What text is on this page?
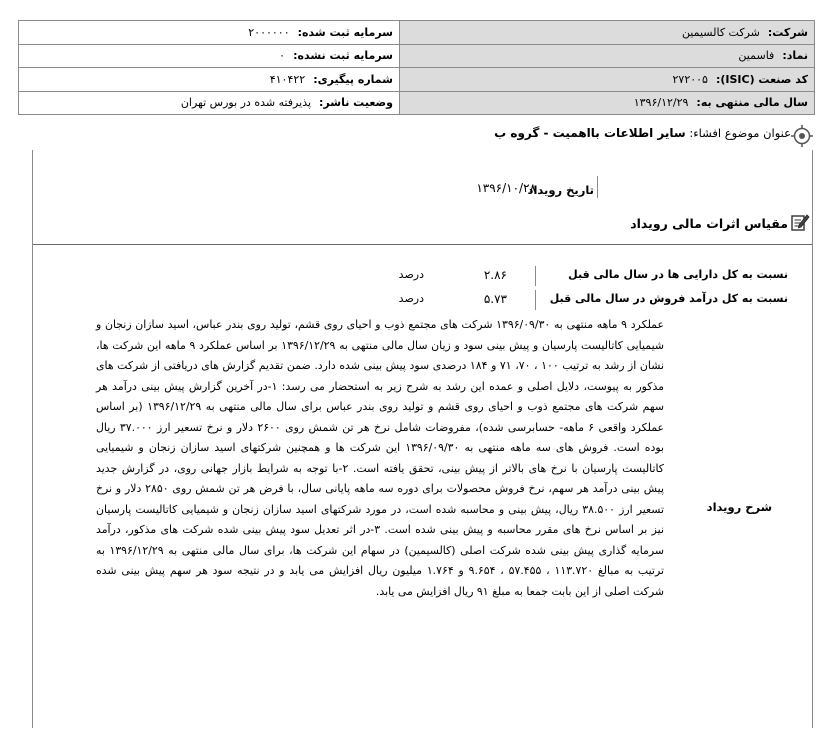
شرکت:شرکت کالسیمین	سرمایه ثبت شده:۲۰۰۰۰۰۰
نماد:فاسمین	سرمایه ثبت نشده:۰
کد صنعت (ISIC):۲۷۲۰۰۵	شماره پیگیری:۴۱۰۴۲۲
سال مالی منتهی به:۱۳۹۶/۱۲/۲۹	وضعیت ناشر:پذیرفته شده در بورس تهران
عنوان موضوع افشاء: سایر اطلاعات بااهمیت - گروه ب
تاریخ رویداد
۱۳۹۶/۱۰/۲۸
مقیاس اثرات مالی رویداد
نسبت به کل دارایی ها در سال مالی قبل
۲.۸۶
درصد
نسبت به کل درآمد فروش در سال مالی قبل
۵.۷۳
درصد
شرح رویداد
عملکرد ۹ ماهه منتهی به ۱۳۹۶/۰۹/۳۰ شرکت های مجتمع ذوب و احیای روی قشم، تولید روی بندر عباس، اسید سازان زنجان و شیمیایی کاتالیست پارسیان و پیش بینی سود و زیان سال مالی منتهی به ۱۳۹۶/۱۲/۲۹ بر اساس عملکرد ۹ ماهه این شرکت ها، نشان از رشد به ترتیب ۱۰۰ ، ۷۰، ۷۱ و ۱۸۴ درصدی سود پیش بینی شده دارد. ضمن تقدیم گزارش های دریافتی از شرکت های مذکور به پیوست، دلایل اصلی و عمده این رشد به شرح زیر به استحضار می رسد: ۱-در آخرین گزارش پیش بینی درآمد هر سهم شرکت های مجتمع ذوب و احیای روی قشم و تولید روی بندر عباس برای سال مالی منتهی به ۱۳۹۶/۱۲/۲۹ (بر اساس عملکرد واقعی ۶ ماهه- حسابرسی شده)، مفروضات شامل نرخ هر تن شمش روی ۲۶۰۰ دلار و نرخ تسعیر ارز ۳۷.۰۰۰ ریال بوده است. فروش های سه ماهه منتهی به ۱۳۹۶/۰۹/۳۰ این شرکت ها و همچنین شرکتهای اسید سازان زنجان و شیمیایی کاتالیست پارسیان با نرخ های بالاتر از پیش بینی، تحقق یافته است. ۲-با توجه به شرایط بازار جهانی روی، در گزارش جدید پیش بینی درآمد هر سهم، نرخ فروش محصولات برای دوره سه ماهه پایانی سال، با فرض هر تن شمش روی ۲۸۵۰ دلار و نرخ تسعیر ارز ۳۸.۵۰۰ ریال، پیش بینی و محاسبه شده است، در مورد شرکتهای اسید سازان زنجان و شیمیایی کاتالیست پارسیان نیز بر اساس نرخ های مقرر محاسبه و پیش بینی شده است. ۳-در اثر تعدیل سود پیش بینی شده شرکت های مذکور، درآمد سرمایه گذاری پیش بینی شده شرکت اصلی (کالسیمین) در سهام این شرکت ها، برای سال مالی منتهی به ۱۳۹۶/۱۲/۲۹ به ترتیب به مبالغ ۱۱۳.۷۲۰ ، ۵۷.۴۵۵ ، ۹.۶۵۴ و ۱.۷۶۴ میلیون ریال افزایش می یابد و در نتیجه سود هر سهم پیش بینی شده شرکت اصلی از این بابت جمعا به مبلغ ۹۱ ریال افزایش می یابد.
